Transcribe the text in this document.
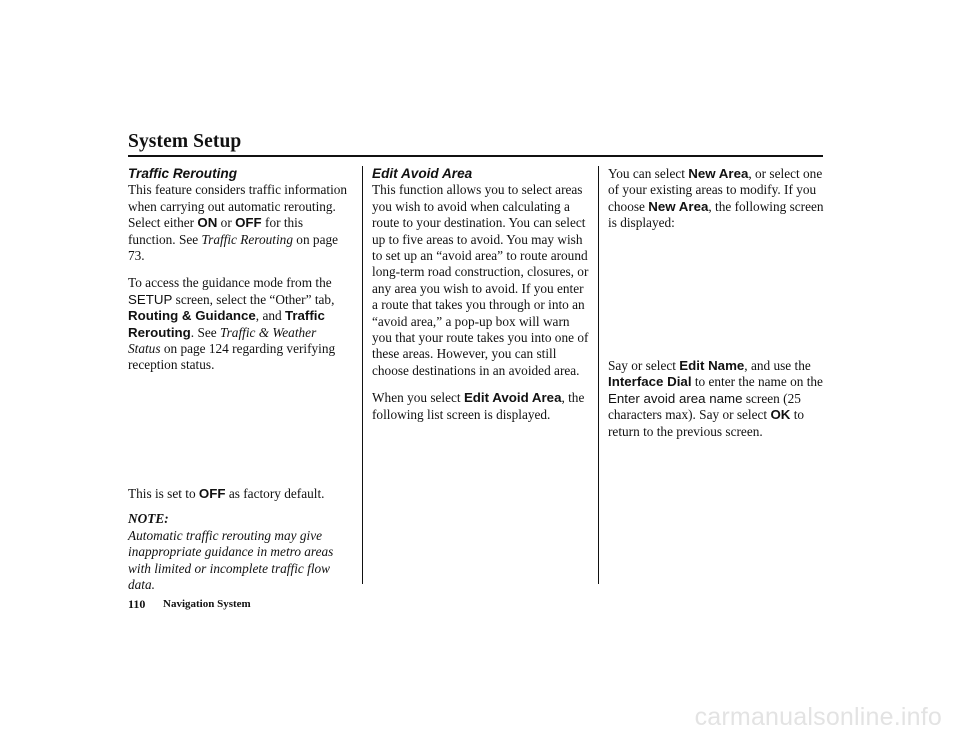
System Setup

Traffic Rerouting

This feature considers traffic information when carrying out automatic rerouting. Select either ON or OFF for this function. See Traffic Rerouting on page 73.

To access the guidance mode from the SETUP screen, select the “Other” tab, Routing & Guidance, and Traffic Rerouting. See Traffic & Weather Status on page 124 regarding verifying reception status.

This is set to OFF as factory default.

NOTE:

Automatic traffic rerouting may give inappropriate guidance in metro areas with limited or incomplete traffic flow data.

Edit Avoid Area

This function allows you to select areas you wish to avoid when calculating a route to your destination. You can select up to five areas to avoid. You may wish to set up an “avoid area” to route around long-term road construction, closures, or any area you wish to avoid. If you enter a route that takes you through or into an “avoid area,” a pop-up box will warn you that your route takes you into one of these areas. However, you can still choose destinations in an avoided area.

When you select Edit Avoid Area, the following list screen is displayed.

You can select New Area, or select one of your existing areas to modify. If you choose New Area, the following screen is displayed:

Say or select Edit Name, and use the Interface Dial to enter the name on the Enter avoid area name screen (25 characters max). Say or select OK to return to the previous screen.

110 Navigation System
carmanualsonline.info
